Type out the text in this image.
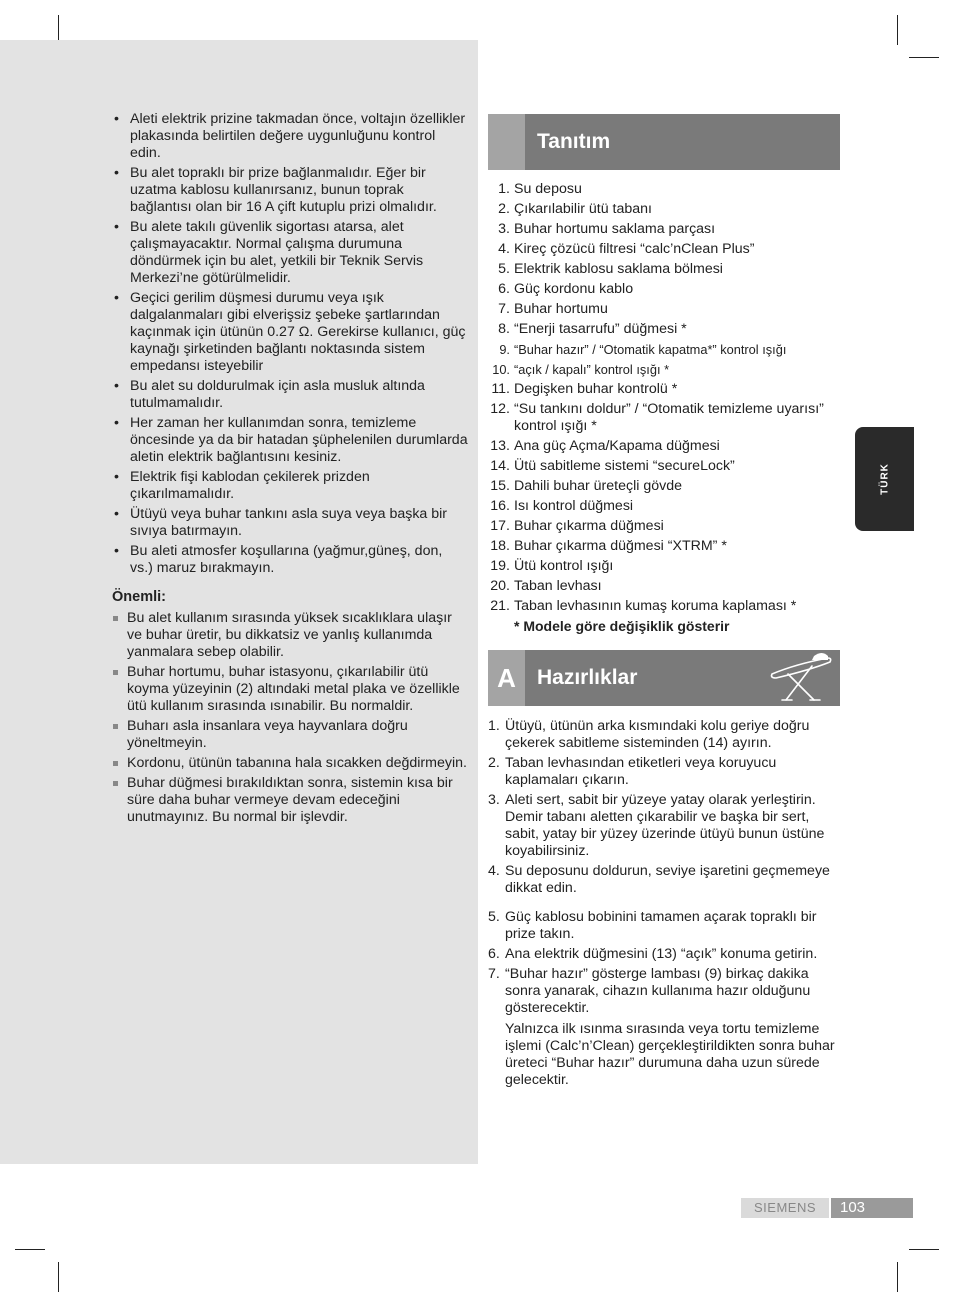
• Aleti elektrik prizine takmadan önce, voltajın özellikler plakasında belirtilen değere uygunluğunu kontrol edin.
• Bu alet topraklı bir prize bağlanmalıdır. Eğer bir uzatma kablosu kullanırsanız, bunun toprak bağlantısı olan bir 16 A çift kutuplu prizi olmalıdır.
• Bu alete takılı güvenlik sigortası atarsa, alet çalışmayacaktır. Normal çalışma durumuna döndürmek için bu alet, yetkili bir Teknik Servis Merkezi’ne götürülmelidir.
• Geçici gerilim düşmesi durumu veya ışık dalgalanmaları gibi elverişsiz şebeke şartlarından kaçınmak için ütünün 0.27 Ω. Gerekirse kullanıcı, güç kaynağı şirketinden bağlantı noktasında sistem empedansı isteyebilir
• Bu alet su doldurulmak için asla musluk altında tutulmamalıdır.
• Her zaman her kullanımdan sonra, temizleme öncesinde ya da bir hatadan şüphelenilen durumlarda aletin elektrik bağlantısını kesiniz.
• Elektrik fişi kablodan çekilerek prizden çıkarılmamalıdır.
• Ütüyü veya buhar tankını asla suya veya başka bir sıvıya batırmayın.
• Bu aleti atmosfer koşullarına (yağmur,güneş, don, vs.) maruz bırakmayın.
Önemli:
Bu alet kullanım sırasında yüksek sıcaklıklara ulaşır ve buhar üretir, bu dikkatsiz ve yanlış kullanımda yanmalara sebep olabilir.
Buhar hortumu, buhar istasyonu, çıkarılabilir ütü koyma yüzeyinin (2) altındaki metal plaka ve özellikle ütü kullanım sırasında ısınabilir. Bu normaldir.
Buharı asla insanlara veya hayvanlara doğru yöneltmeyin.
Kordonu, ütünün tabanına hala sıcakken değdirmeyin.
Buhar düğmesi bırakıldıktan sonra, sistemin kısa bir süre daha buhar vermeye devam edeceğini unutmayınız. Bu normal bir işlevdir.
Tanıtım
1. Su deposu
2. Çıkarılabilir ütü tabanı
3. Buhar hortumu saklama parçası
4. Kireç çözücü filtresi “calc’nClean Plus”
5. Elektrik kablosu saklama bölmesi
6. Güç kordonu kablo
7. Buhar hortumu
8. “Enerji tasarrufu” düğmesi *
9. “Buhar hazır” / “Otomatik kapatma*” kontrol ışığı
10. “açık / kapalı” kontrol ışığı *
11. Degişken buhar kontrolü *
12. “Su tankını doldur” / “Otomatik temizleme uyarısı” kontrol ışığı *
13. Ana güç Açma/Kapama düğmesi
14. Ütü sabitleme sistemi “secureLock”
15. Dahili buhar üreteçli gövde
16. Isı kontrol düğmesi
17. Buhar çıkarma düğmesi
18. Buhar çıkarma düğmesi “XTRM” *
19. Ütü kontrol ışığı
20. Taban levhası
21. Taban levhasının kumaş koruma kaplaması *
* Modele göre değişiklik gösterir
A	Hazırlıklar
1. Ütüyü, ütünün arka kısmındaki kolu geriye doğru çekerek sabitleme sisteminden (14) ayırın.
2. Taban levhasından etiketleri veya koruyucu kaplamaları çıkarın.
3. Aleti sert, sabit bir yüzeye yatay olarak yerleştirin. Demir tabanı aletten çıkarabilir ve başka bir sert, sabit, yatay bir yüzey üzerinde ütüyü bunun üstüne koyabilirsiniz.
4. Su deposunu doldurun, seviye işaretini geçmemeye dikkat edin.
5. Güç kablosu bobinini tamamen açarak topraklı bir prize takın.
6. Ana elektrik düğmesini (13) “açık” konuma getirin.
7. “Buhar hazır” gösterge lambası (9) birkaç dakika sonra yanarak, cihazın kullanıma hazır olduğunu gösterecektir.
Yalnızca ilk ısınma sırasında veya tortu temizleme işlemi (Calc’n’Clean) gerçekleştirildikten sonra buhar üreteci “Buhar hazır” durumuna daha uzun sürede gelecektir.
TÜRK
SIEMENS	103
